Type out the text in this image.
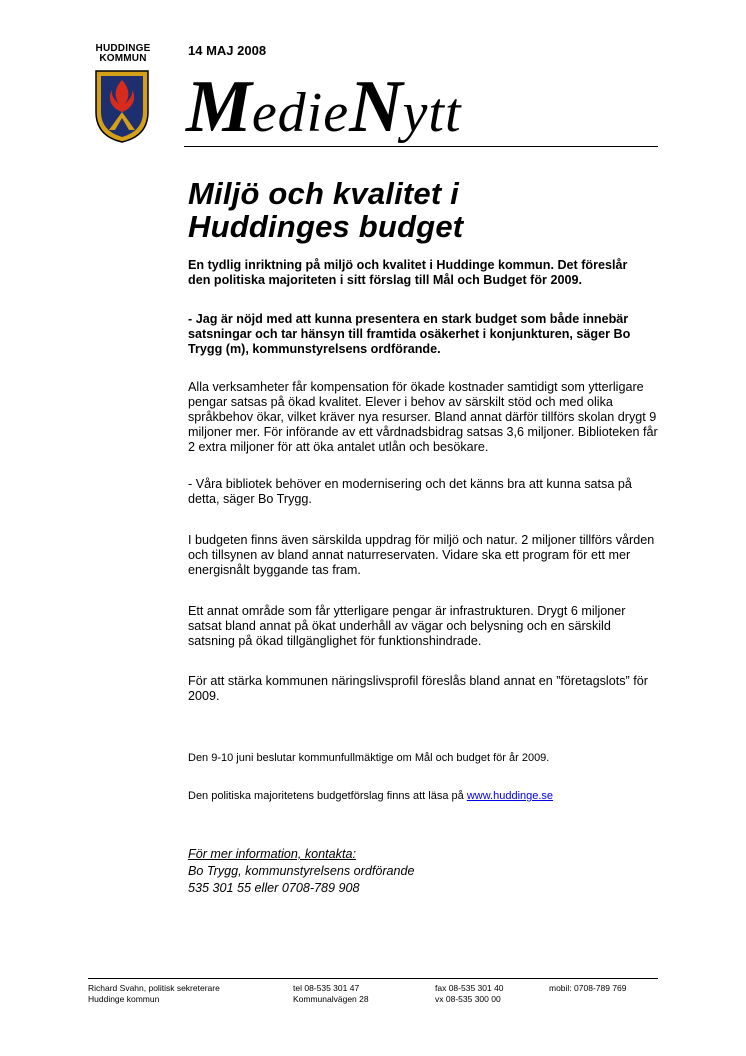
HUDDINGE
KOMMUN
14 MAJ 2008
MedieNytt
Miljö och kvalitet i Huddinges budget
En tydlig inriktning på miljö och kvalitet i Huddinge kommun. Det föreslår den politiska majoriteten i sitt förslag till Mål och Budget för 2009.
- Jag är nöjd med att kunna presentera en stark budget som både innebär satsningar och tar hänsyn till framtida osäkerhet i konjunkturen, säger Bo Trygg (m), kommunstyrelsens ordförande.
Alla verksamheter får kompensation för ökade kostnader samtidigt som ytterligare pengar satsas på ökad kvalitet. Elever i behov av särskilt stöd och med olika språkbehov ökar, vilket kräver nya resurser. Bland annat därför tillförs skolan drygt 9 miljoner mer. För införande av ett vårdnadsbidrag satsas 3,6 miljoner. Biblioteken får 2 extra miljoner för att öka antalet utlån och besökare.
- Våra bibliotek behöver en modernisering och det känns bra att kunna satsa på detta, säger Bo Trygg.
I budgeten finns även särskilda uppdrag för miljö och natur. 2 miljoner tillförs vården och tillsynen av bland annat naturreservaten. Vidare ska ett program för ett mer energisnålt byggande tas fram.
Ett annat område som får ytterligare pengar är infrastrukturen. Drygt 6 miljoner satsat bland annat på ökat underhåll av vägar och belysning och en särskild satsning på ökad tillgänglighet för funktionshindrade.
För att stärka kommunen näringslivsprofil föreslås bland annat en ”företagslots” för 2009.
Den 9-10 juni beslutar kommunfullmäktige om Mål och budget för år 2009.
Den politiska majoritetens budgetförslag finns att läsa på www.huddinge.se
För mer information, kontakta:
Bo Trygg, kommunstyrelsens ordförande
535 301 55 eller 0708-789 908
Richard Svahn, politisk sekreterare
Huddinge kommun
tel 08-535 301 47
Kommunalvägen 28
fax 08-535 301 40
vx 08-535 300 00
mobil: 0708-789 769
